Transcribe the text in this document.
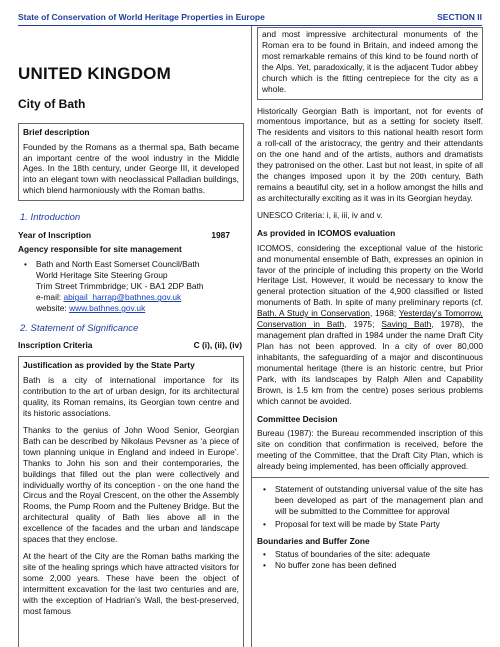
State of Conservation of World Heritage Properties in Europe	SECTION II
UNITED KINGDOM
City of Bath
Brief description
Founded by the Romans as a thermal spa, Bath became an important centre of the wool industry in the Middle Ages. In the 18th century, under George III, it developed into an elegant town with neoclassical Palladian buildings, which blend harmoniously with the Roman baths.
1. Introduction
Year of Inscription	1987
Agency responsible for site management
• Bath and North East Somerset Council/Bath
World Heritage Site Steering Group
Trim Street Trimmbridge; UK - BA1 2DP Bath
e-mail: abigail_harrap@bathnes.gov.uk
website: www.bathnes.gov.uk
2. Statement of Significance
Inscription Criteria	C (i), (ii), (iv)
Justification as provided by the State Party

Bath is a city of international importance for its contribution to the art of urban design, for its architectural quality, its Roman remains, its Georgian town centre and its historic associations.

Thanks to the genius of John Wood Senior, Georgian Bath can be described by Nikolaus Pevsner as ‘a piece of town planning unique in England and indeed in Europe’. Thanks to John his son and their contemporaries, the buildings that filled out the plan were collectively and individually worthy of its conception - on the one hand the Circus and the Royal Crescent, on the other the Assembly Rooms, the Pump Room and the Pulteney Bridge. But the architectural quality of Bath lies above all in the excellence of the facades and the urban and landscape spaces that they enclose.

At the heart of the City are the Roman baths marking the site of the healing springs which have attracted visitors for some 2,000 years. These have been the object of intermittent excavation for the last two centuries and are, with the exception of Hadrian’s Wall, the best-preserved, most famous

and most impressive architectural monuments of the Roman era to be found in Britain, and indeed among the most remarkable remains of this kind to be found north of the Alps. Yet, paradoxically, it is the adjacent Tudor abbey church which is the fitting centrepiece for the city as a whole.

Historically Georgian Bath is important, not for events of momentous importance, but as a setting for society itself. The residents and visitors to this national health resort form a roll-call of the aristocracy, the gentry and their attendants on the one hand and of the artists, authors and dramatists they patronised on the other. Last but not least, in spite of all the changes imposed upon it by the 20th century, Bath remains a beautiful city, set in a hollow amongst the hills and as architecturally exciting as it was in its Georgian heyday.

UNESCO Criteria: i, ii, iii, iv and v.

As provided in ICOMOS evaluation

ICOMOS, considering the exceptional value of the historic and monumental ensemble of Bath, expresses an opinion in favor of the principle of including this property on the World Heritage List. However, it would be necessary to know the general protection situation of the 4,900 classified or listed monuments of Bath. In spite of many preliminary reports (cf. Bath. A Study in Conservation, 1968; Yesterday’s Tomorrow, Conservation in Bath, 1975; Saving Bath, 1978), the management plan drafted in 1984 under the name Draft City Plan has not been approved. In a city of over 80,000 inhabitants, the safeguarding of a major and discontinuous monumental heritage (there is an historic centre, but Prior Park, with its landscapes by Ralph Allen and Capability Brown, is 1.5 km from the centre) poses serious problems which cannot be avoided.

Committee Decision

Bureau (1987): the Bureau recommended inscription of this site on condition that confirmation is received, before the meeting of the Committee, that the Draft City Plan, which is already being implemented, has been officially approved.

• Statement of outstanding universal value of the site has been developed as part of the management plan and will be submitted to the Committee for approval
• Proposal for text will be made by State Party
Boundaries and Buffer Zone
• Status of boundaries of the site: adequate
• No buffer zone has been defined
